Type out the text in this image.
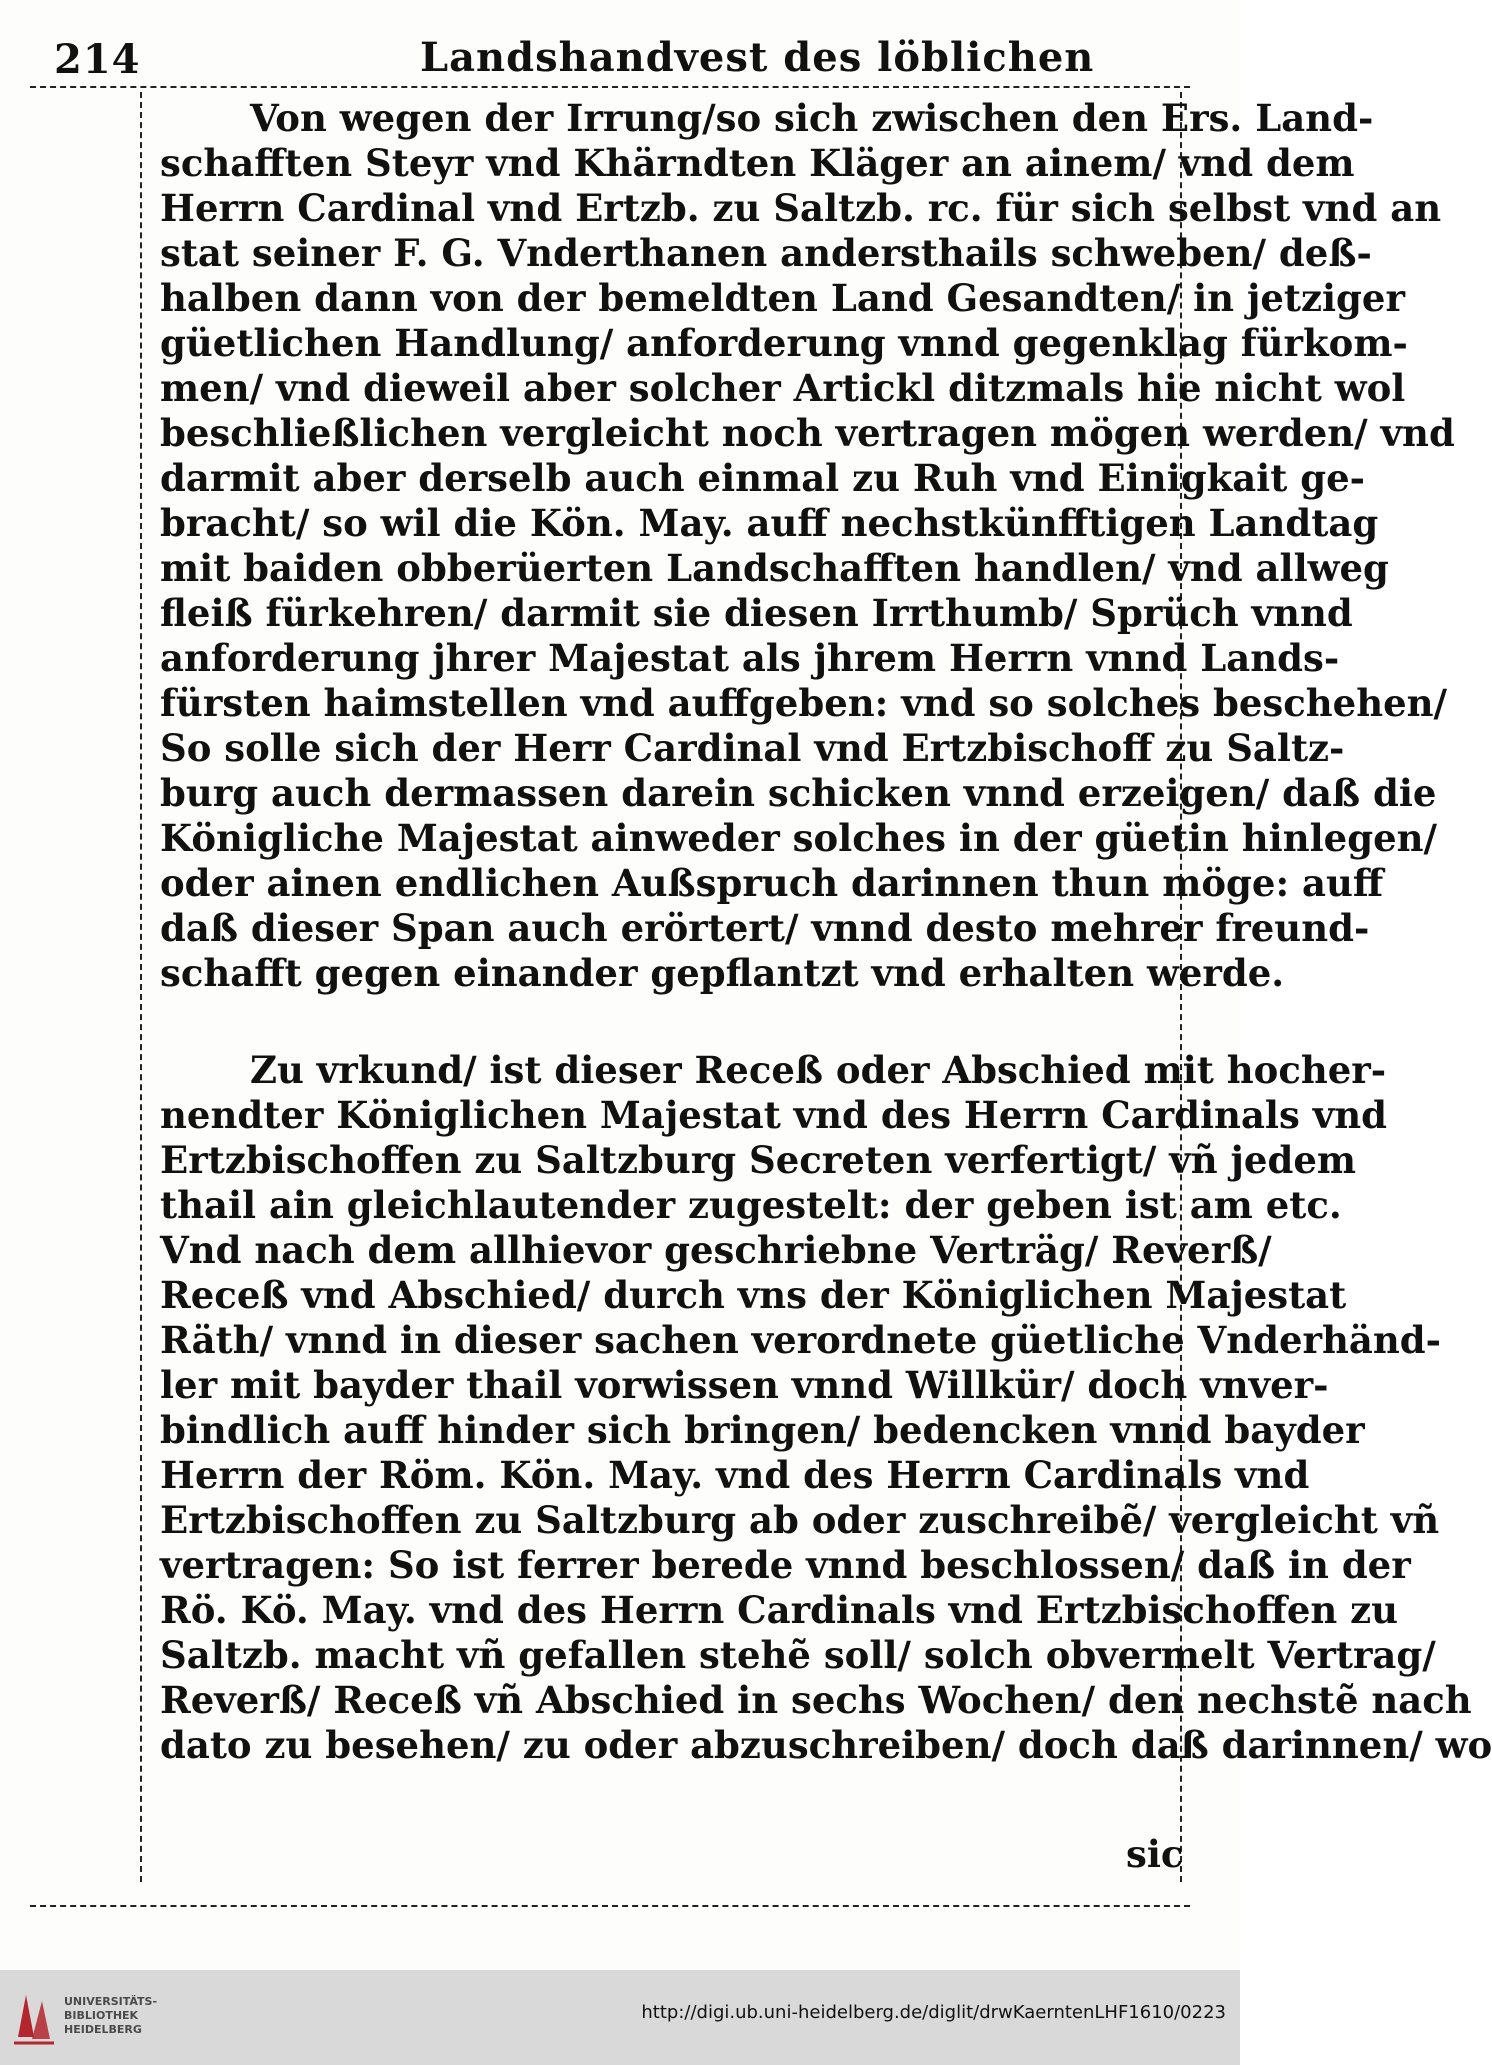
214	Landshandvest des löblichen
Von wegen der Irrung/so sich zwischen den Ers. Land-
schafften Steyr vnd Khärndten Kläger an ainem/ vnd dem
Herrn Cardinal vnd Ertzb. zu Saltzb. rc. für sich selbst vnd an
stat seiner F. G. Vnderthanen andersthails schweben/ deß-
halben dann von der bemeldten Land Gesandten/ in jetziger
güetlichen Handlung/ anforderung vnnd gegenklag fürkom-
men/ vnd dieweil aber solcher Artickl ditzmals hie nicht wol
beschließlichen vergleicht noch vertragen mögen werden/ vnd
darmit aber derselb auch einmal zu Ruh vnd Einigkait ge-
bracht/ so wil die Kön. May. auff nechstkünfftigen Landtag
mit baiden obberüerten Landschafften handlen/ vnd allweg
fleiß fürkehren/ darmit sie diesen Irrthumb/ Sprüch vnnd
anforderung jhrer Majestat als jhrem Herrn vnnd Lands-
fürsten haimstellen vnd auffgeben: vnd so solches beschehen/
So solle sich der Herr Cardinal vnd Ertzbischoff zu Saltz-
burg auch dermassen darein schicken vnnd erzeigen/ daß die
Königliche Majestat ainweder solches in der güetin hinlegen/
oder ainen endlichen Außspruch darinnen thun möge: auff
daß dieser Span auch erörtert/ vnnd desto mehrer freund-
schafft gegen einander gepflantzt vnd erhalten werde.
Zu vrkund/ ist dieser Receß oder Abschied mit hocher-
nendter Königlichen Majestat vnd des Herrn Cardinals vnd
Ertzbischoffen zu Saltzburg Secreten verfertigt/ vñ jedem
thail ain gleichlautender zugestelt: der geben ist am etc.
Vnd nach dem allhievor geschriebne Verträg/ Reverß/
Receß vnd Abschied/ durch vns der Königlichen Majestat
Räth/ vnnd in dieser sachen verordnete güetliche Vnderhänd-
ler mit bayder thail vorwissen vnnd Willkür/ doch vnver-
bindlich auff hinder sich bringen/ bedencken vnnd bayder
Herrn der Röm. Kön. May. vnd des Herrn Cardinals vnd
Ertzbischoffen zu Saltzburg ab oder zuschreibẽ/ vergleicht vñ
vertragen: So ist ferrer berede vnnd beschlossen/ daß in der
Rö. Kö. May. vnd des Herrn Cardinals vnd Ertzbischoffen zu
Saltzb. macht vñ gefallen stehẽ soll/ solch obvermelt Vertrag/
Reverß/ Receß vñ Abschied in sechs Wochen/ den nechstẽ nach
dato zu besehen/ zu oder abzuschreiben/ doch daß darinnen/ wo
sic
UNIVERSITÄTS-
BIBLIOTHEK
HEIDELBERG
http://digi.ub.uni-heidelberg.de/diglit/drwKaerntenLHF1610/0223
